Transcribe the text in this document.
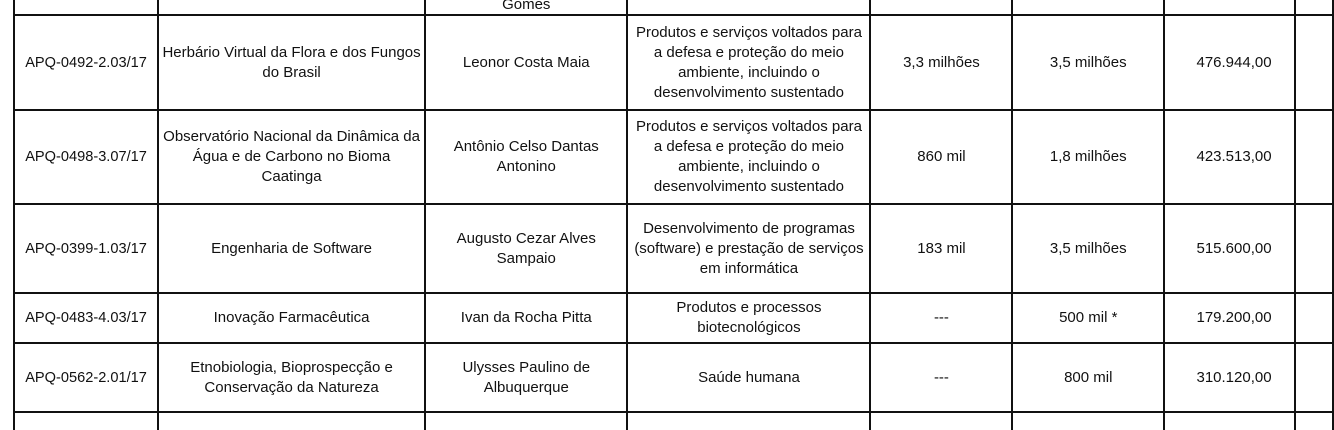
		Gomes					
APQ-0492-2.03/17	Herbário Virtual da Flora e dos Fungos do Brasil	Leonor Costa Maia	Produtos e serviços voltados para a defesa e proteção do meio ambiente, incluindo o desenvolvimento sustentado	3,3 milhões	3,5 milhões	476.944,00	
APQ-0498-3.07/17	Observatório Nacional da Dinâmica da Água e de Carbono no Bioma Caatinga	Antônio Celso Dantas Antonino	Produtos e serviços voltados para a defesa e proteção do meio ambiente, incluindo o desenvolvimento sustentado	860 mil	1,8 milhões	423.513,00	
APQ-0399-1.03/17	Engenharia de Software	Augusto Cezar Alves Sampaio	Desenvolvimento de programas (software) e prestação de serviços em informática	183 mil	3,5 milhões	515.600,00	
APQ-0483-4.03/17	Inovação Farmacêutica	Ivan da Rocha Pitta	Produtos e processos biotecnológicos	---	500 mil *	179.200,00	
APQ-0562-2.01/17	Etnobiologia, Bioprospecção e Conservação da Natureza	Ulysses Paulino de Albuquerque	Saúde humana	---	800 mil	310.120,00	
